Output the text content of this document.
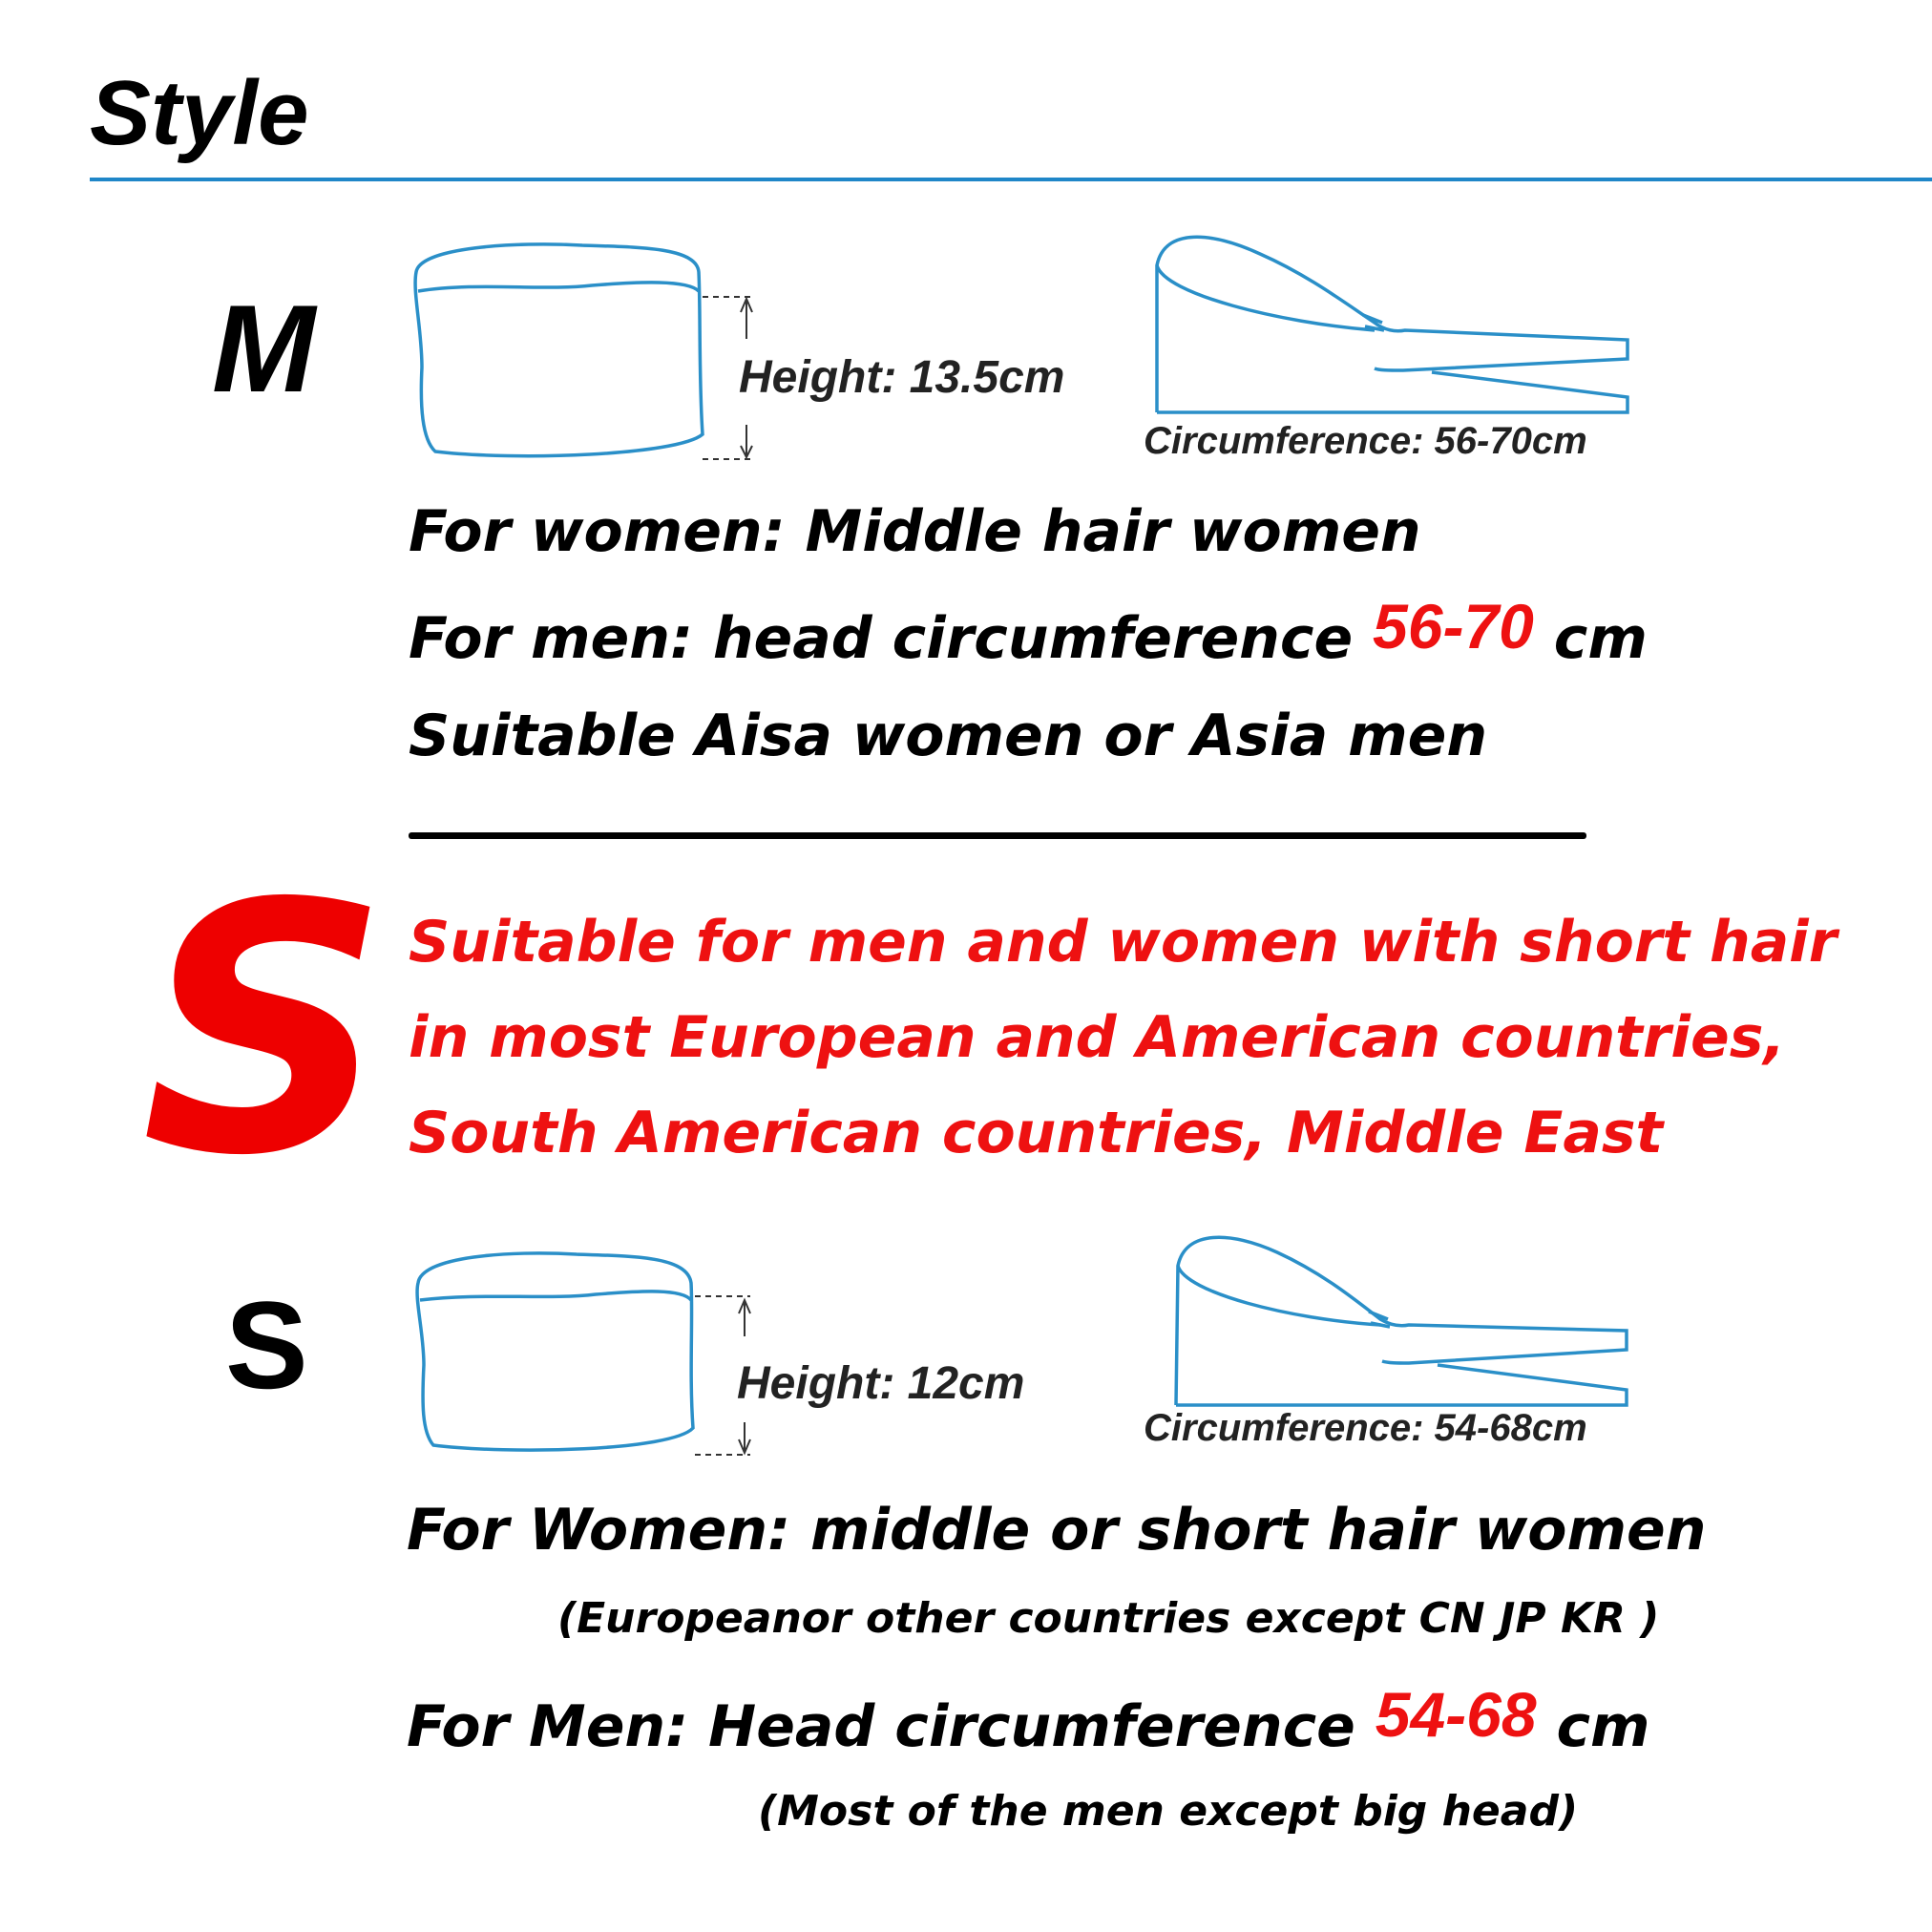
Style
M	Height: 13.5cm
Circumference: 56-70cm
For women: Middle hair women
For men: head circumference 56-70 cm
Suitable Aisa women or Asia men
S Suitable for men and women with short hair
in most European and American countries,
South American countries, Middle East
S	Height: 12cm
Circumference: 54-68cm
For Women: middle or short hair women
(Europeanor other countries except CN JP KR )
For Men: Head circumference 54-68 cm
(Most of the men except big head)
